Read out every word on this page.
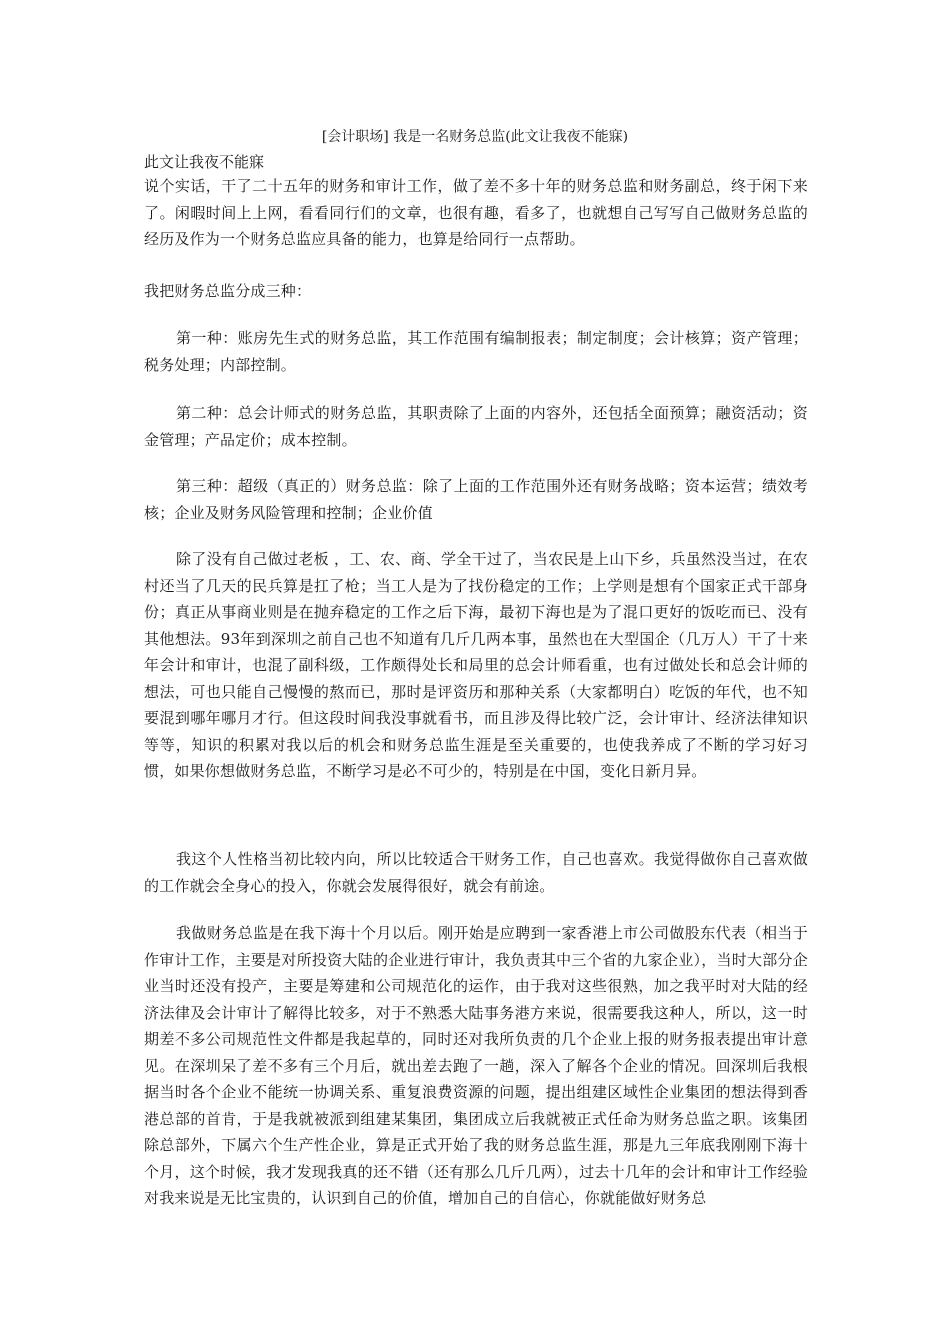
[会计职场] 我是一名财务总监(此文让我夜不能寐)
此文让我夜不能寐

说个实话，干了二十五年的财务和审计工作，做了差不多十年的财务总监和财务副总，终于闲下来了。闲暇时间上上网，看看同行们的文章，也很有趣，看多了，也就想自己写写自己做财务总监的经历及作为一个财务总监应具备的能力，也算是给同行一点帮助。

我把财务总监分成三种：

第一种：账房先生式的财务总监，其工作范围有编制报表；制定制度；会计核算；资产管理；税务处理；内部控制。

第二种：总会计师式的财务总监，其职责除了上面的内容外，还包括全面预算；融资活动；资金管理；产品定价；成本控制。

第三种：超级（真正的）财务总监：除了上面的工作范围外还有财务战略；资本运营；绩效考核；企业及财务风险管理和控制；企业价值

除了没有自己做过老板 ，工、农、商、学全干过了，当农民是上山下乡，兵虽然没当过，在农村还当了几天的民兵算是扛了枪；当工人是为了找份稳定的工作；上学则是想有个国家正式干部身份；真正从事商业则是在抛弃稳定的工作之后下海，最初下海也是为了混口更好的饭吃而已、没有其他想法。93年到深圳之前自己也不知道有几斤几两本事，虽然也在大型国企（几万人）干了十来年会计和审计，也混了副科级，工作颇得处长和局里的总会计师看重，也有过做处长和总会计师的想法，可也只能自己慢慢的熬而已，那时是评资历和那种关系（大家都明白）吃饭的年代，也不知要混到哪年哪月才行。但这段时间我没事就看书，而且涉及得比较广泛，会计审计、经济法律知识等等，知识的积累对我以后的机会和财务总监生涯是至关重要的，也使我养成了不断的学习好习惯，如果你想做财务总监，不断学习是必不可少的，特别是在中国，变化日新月异。

我这个人性格当初比较内向，所以比较适合干财务工作，自己也喜欢。我觉得做你自己喜欢做的工作就会全身心的投入，你就会发展得很好，就会有前途。

我做财务总监是在我下海十个月以后。刚开始是应聘到一家香港上市公司做股东代表（相当于作审计工作，主要是对所投资大陆的企业进行审计，我负责其中三个省的九家企业），当时大部分企业当时还没有投产，主要是筹建和公司规范化的运作，由于我对这些很熟，加之我平时对大陆的经济法律及会计审计了解得比较多，对于不熟悉大陆事务港方来说，很需要我这种人，所以，这一时期差不多公司规范性文件都是我起草的，同时还对我所负责的几个企业上报的财务报表提出审计意见。在深圳呆了差不多有三个月后，就出差去跑了一趟，深入了解各个企业的情况。回深圳后我根据当时各个企业不能统一协调关系、重复浪费资源的问题，提出组建区域性企业集团的想法得到香港总部的首肯，于是我就被派到组建某集团，集团成立后我就被正式任命为财务总监之职。该集团除总部外，下属六个生产性企业，算是正式开始了我的财务总监生涯，那是九三年底我刚刚下海十个月，这个时候，我才发现我真的还不错（还有那么几斤几两），过去十几年的会计和审计工作经验对我来说是无比宝贵的，认识到自己的价值，增加自己的自信心，你就能做好财务总
